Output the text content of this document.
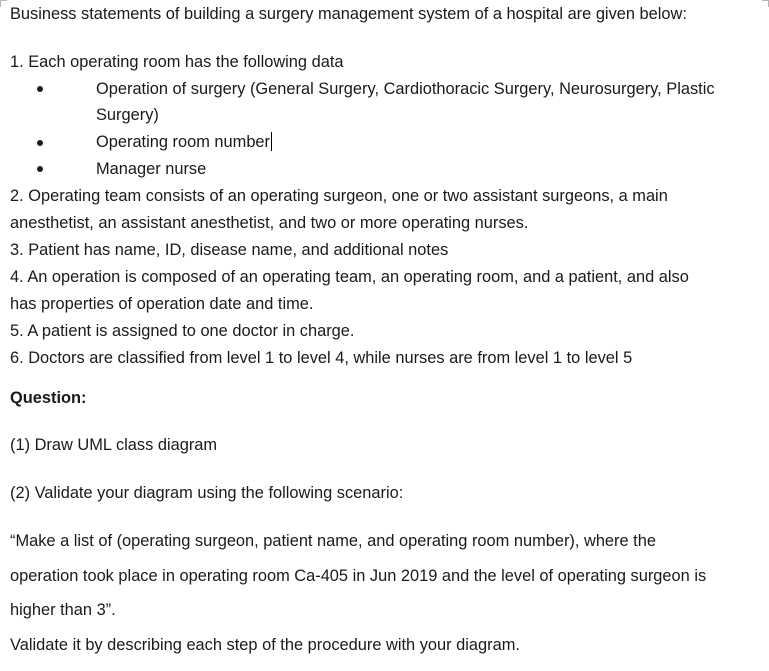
Business statements of building a surgery management system of a hospital are given below:
1. Each operating room has the following data
Operation of surgery (General Surgery, Cardiothoracic Surgery, Neurosurgery, Plastic
Surgery)
Operating room number
Manager nurse
2. Operating team consists of an operating surgeon, one or two assistant surgeons, a main
anesthetist, an assistant anesthetist, and two or more operating nurses.
3. Patient has name, ID, disease name, and additional notes
4. An operation is composed of an operating team, an operating room, and a patient, and also
has properties of operation date and time.
5. A patient is assigned to one doctor in charge.
6. Doctors are classified from level 1 to level 4, while nurses are from level 1 to level 5
Question:
(1) Draw UML class diagram
(2) Validate your diagram using the following scenario:
“Make a list of (operating surgeon, patient name, and operating room number), where the
operation took place in operating room Ca-405 in Jun 2019 and the level of operating surgeon is
higher than 3”.
Validate it by describing each step of the procedure with your diagram.
